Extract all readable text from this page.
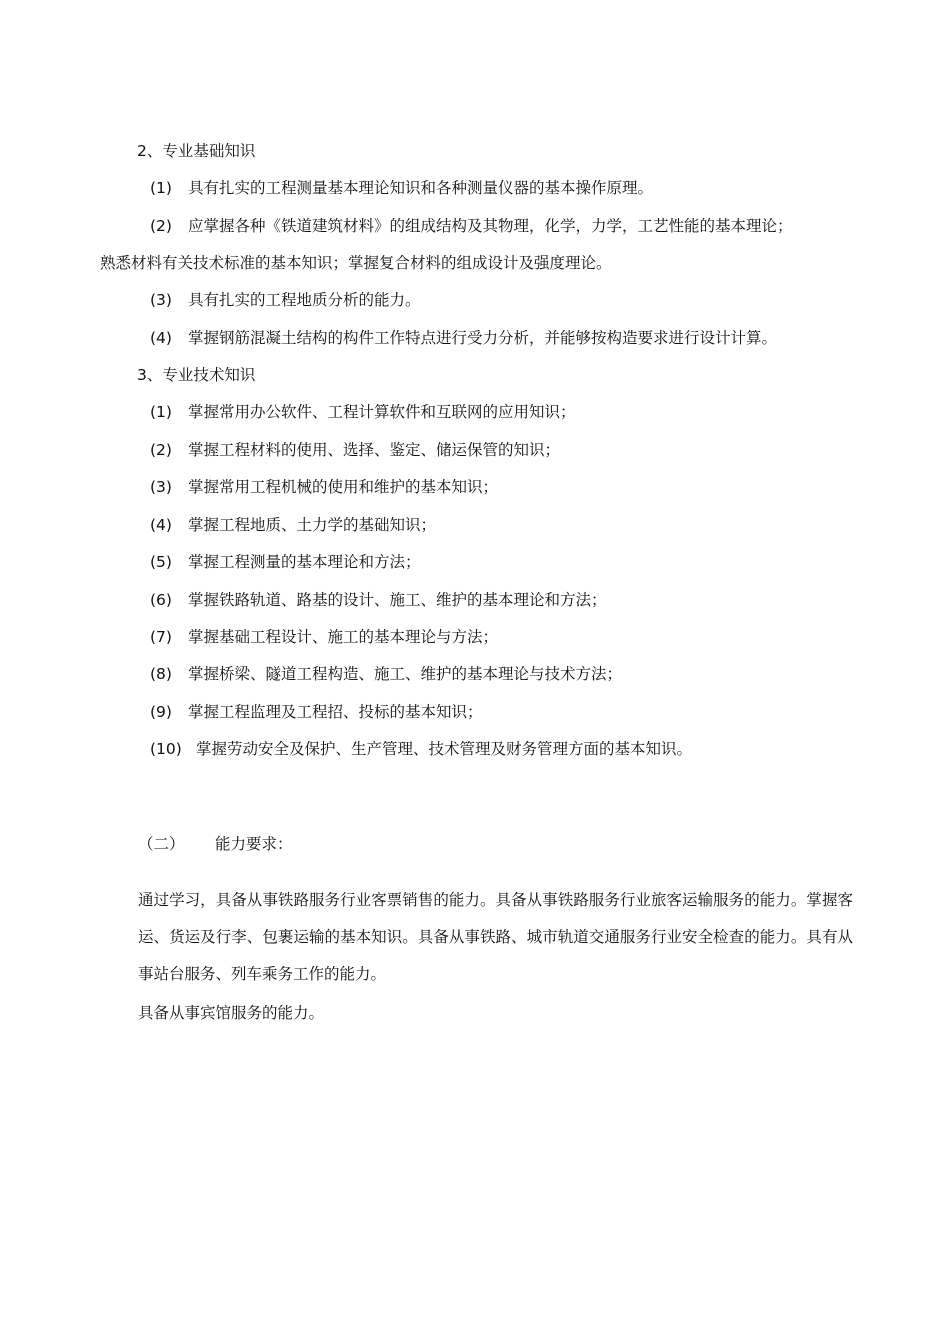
2、专业基础知识
(1) 具有扎实的工程测量基本理论知识和各种测量仪器的基本操作原理。
(2) 应掌握各种《铁道建筑材料》的组成结构及其物理，化学，力学，工艺性能的基本理论；
熟悉材料有关技术标准的基本知识；掌握复合材料的组成设计及强度理论。
(3) 具有扎实的工程地质分析的能力。
(4) 掌握钢筋混凝土结构的构件工作特点进行受力分析，并能够按构造要求进行设计计算。
3、专业技术知识
(1) 掌握常用办公软件、工程计算软件和互联网的应用知识；
(2) 掌握工程材料的使用、选择、鉴定、储运保管的知识；
(3) 掌握常用工程机械的使用和维护的基本知识；
(4) 掌握工程地质、土力学的基础知识；
(5) 掌握工程测量的基本理论和方法；
(6) 掌握铁路轨道、路基的设计、施工、维护的基本理论和方法；
(7) 掌握基础工程设计、施工的基本理论与方法；
(8) 掌握桥梁、隧道工程构造、施工、维护的基本理论与技术方法；
(9) 掌握工程监理及工程招、投标的基本知识；
(10) 掌握劳动安全及保护、生产管理、技术管理及财务管理方面的基本知识。
（二） 能力要求：
通过学习，具备从事铁路服务行业客票销售的能力。具备从事铁路服务行业旅客运输服务的能力。掌握客运、货运及行李、包裹运输的基本知识。具备从事铁路、城市轨道交通服务行业安全检查的能力。具有从事站台服务、列车乘务工作的能力。
具备从事宾馆服务的能力。
